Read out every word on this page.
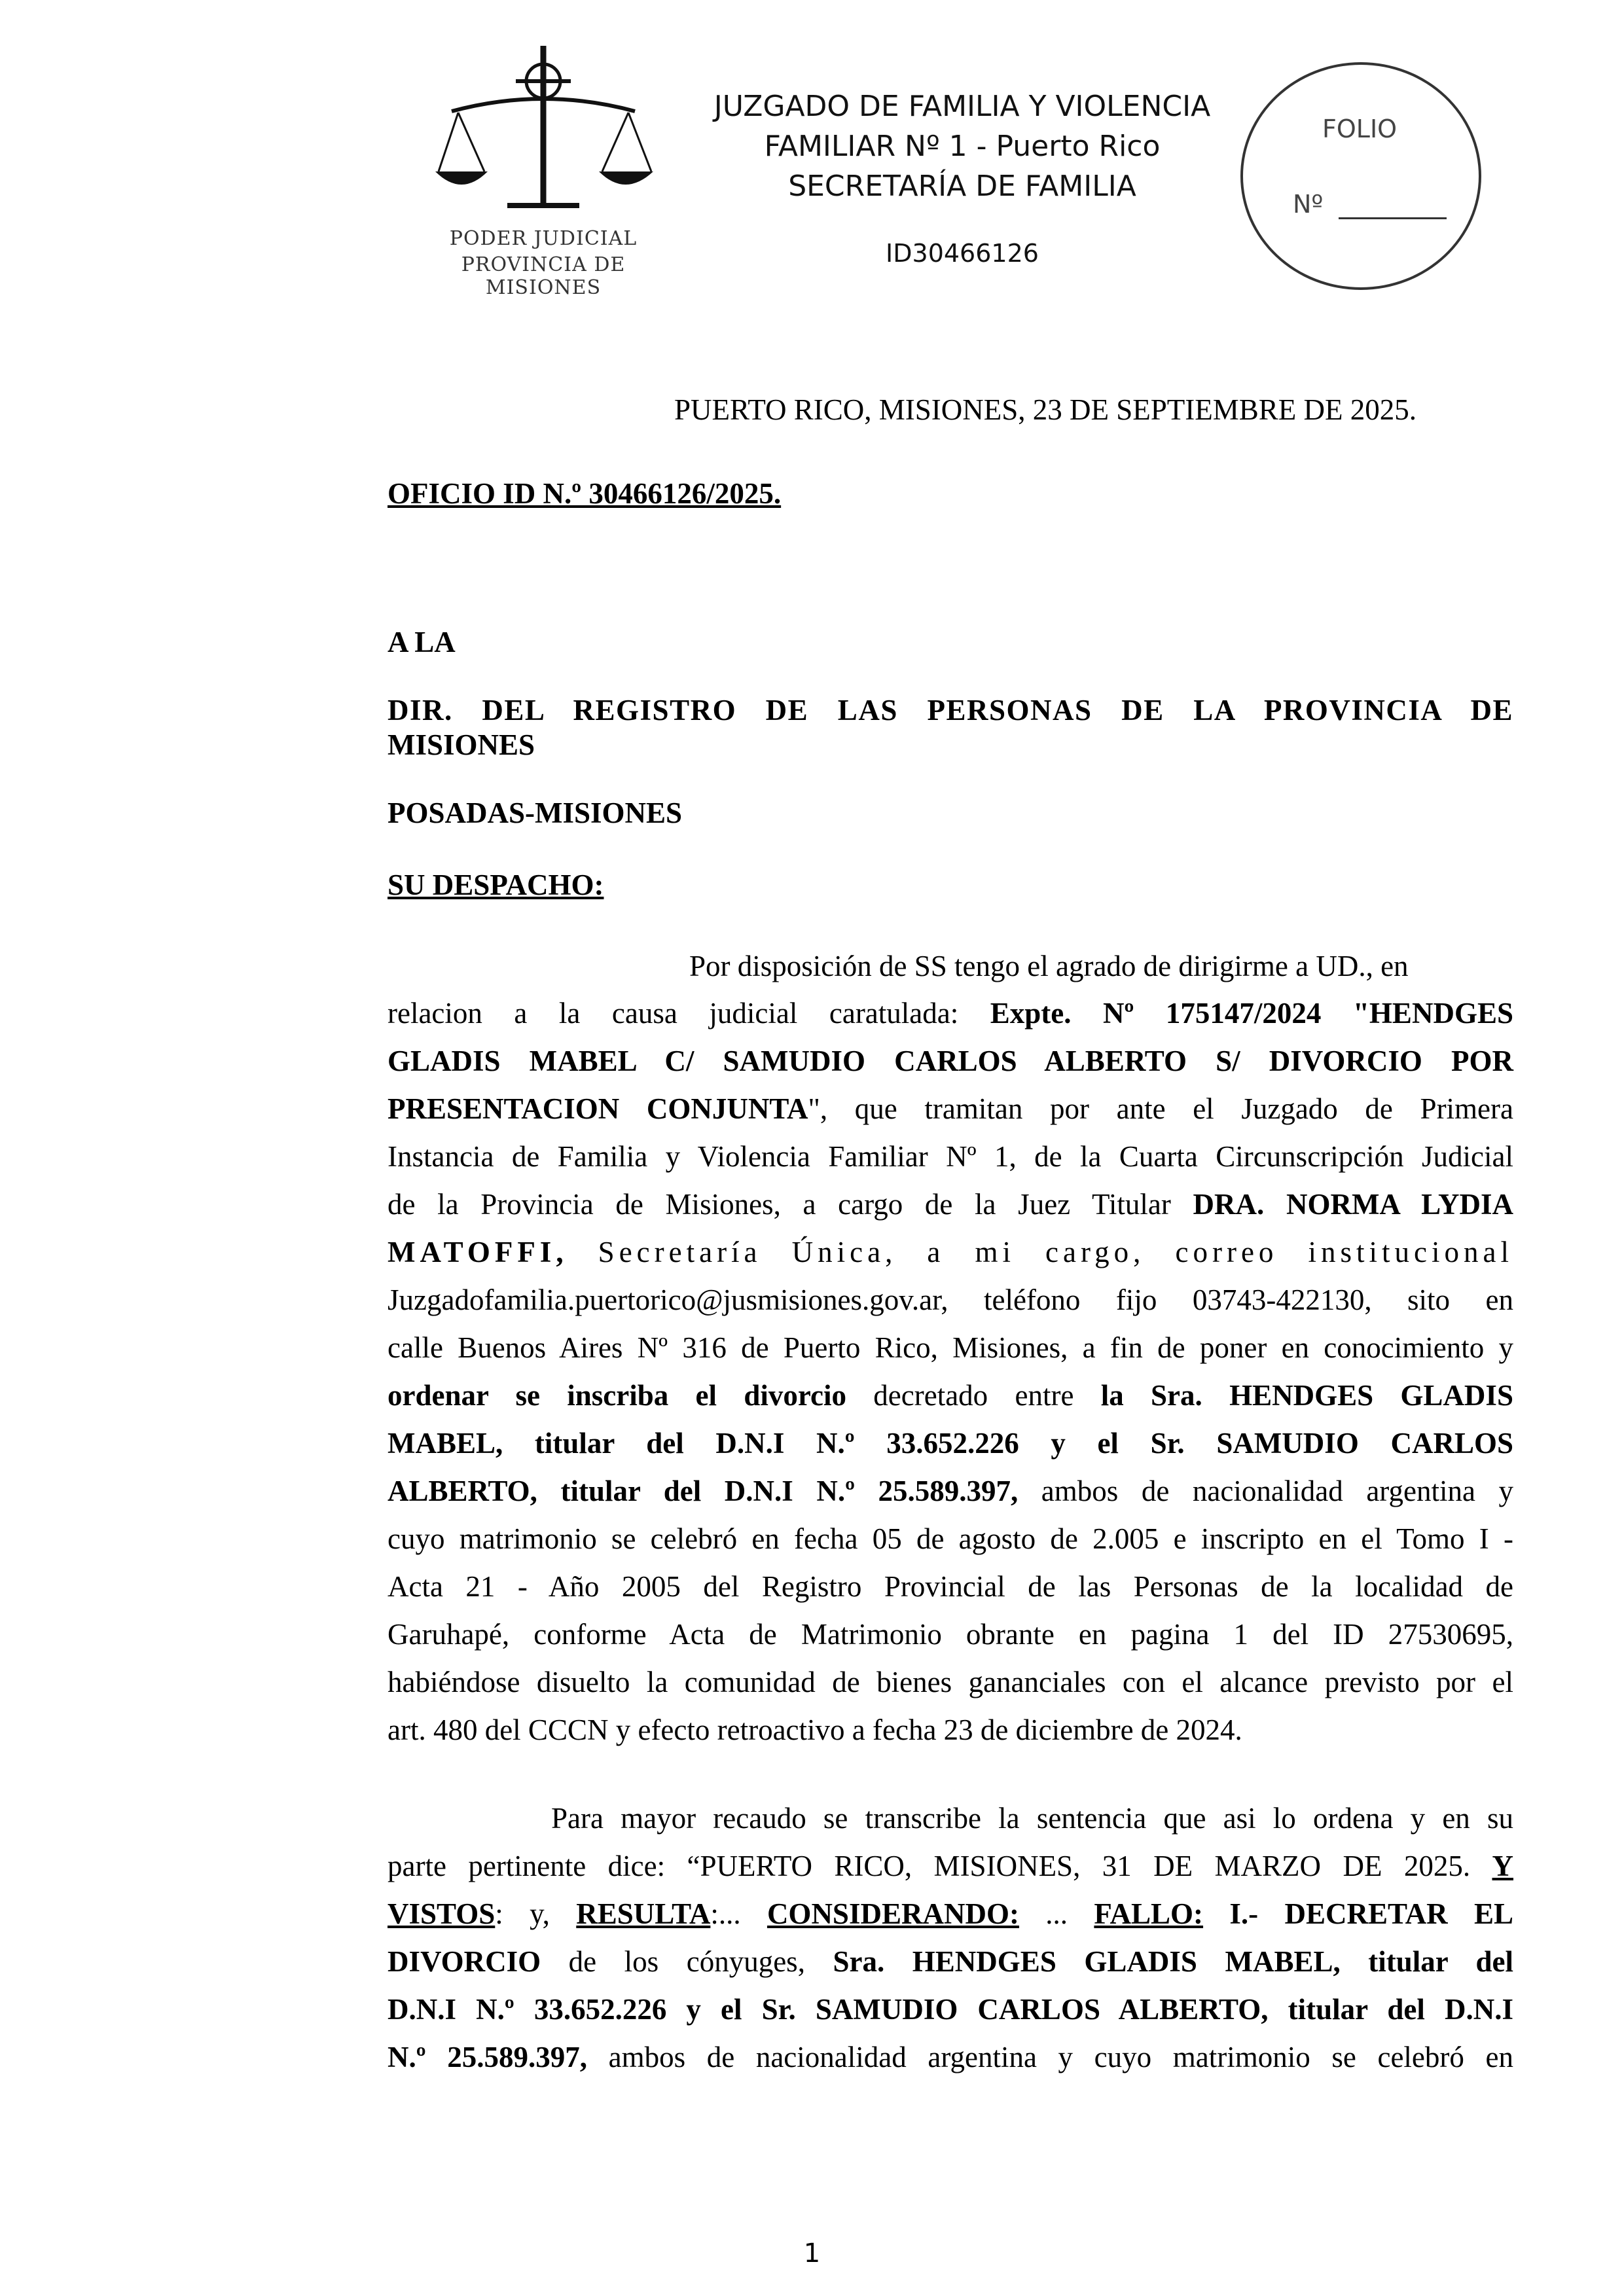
PODER JUDICIAL
PROVINCIA DE MISIONES
JUZGADO DE FAMILIA Y VIOLENCIA
FAMILIAR Nº 1 - Puerto Rico
SECRETARÍA DE FAMILIA
ID30466126
FOLIO
Nº
PUERTO RICO, MISIONES, 23 DE SEPTIEMBRE DE 2025.
OFICIO ID N.º 30466126/2025.
A LA
DIR. DEL REGISTRO DE LAS PERSONAS DE LA PROVINCIA DE
MISIONES
POSADAS-MISIONES
SU DESPACHO:
Por disposición de SS tengo el agrado de dirigirme a UD., en
relacion a la causa judicial caratulada: Expte. Nº 175147/2024 "HENDGES
GLADIS MABEL C/ SAMUDIO CARLOS ALBERTO S/ DIVORCIO POR
PRESENTACION CONJUNTA", que tramitan por ante el Juzgado de Primera
Instancia de Familia y Violencia Familiar Nº 1, de la Cuarta Circunscripción Judicial
de la Provincia de Misiones, a cargo de la Juez Titular DRA. NORMA LYDIA
MATOFFI, Secretaría Única, a mi cargo, correo institucional
Juzgadofamilia.puertorico@jusmisiones.gov.ar, teléfono fijo 03743-422130, sito en
calle Buenos Aires Nº 316 de Puerto Rico, Misiones, a fin de poner en conocimiento y
ordenar se inscriba el divorcio decretado entre la Sra. HENDGES GLADIS
MABEL, titular del D.N.I N.º 33.652.226 y el Sr. SAMUDIO CARLOS
ALBERTO, titular del D.N.I N.º 25.589.397, ambos de nacionalidad argentina y
cuyo matrimonio se celebró en fecha 05 de agosto de 2.005 e inscripto en el Tomo I -
Acta 21 - Año 2005 del Registro Provincial de las Personas de la localidad de
Garuhapé, conforme Acta de Matrimonio obrante en pagina 1 del ID 27530695,
habiéndose disuelto la comunidad de bienes gananciales con el alcance previsto por el
art. 480 del CCCN y efecto retroactivo a fecha 23 de diciembre de 2024.
Para mayor recaudo se transcribe la sentencia que asi lo ordena y en su
parte pertinente dice: “PUERTO RICO, MISIONES, 31 DE MARZO DE 2025. Y
VISTOS: y, RESULTA:... CONSIDERANDO: ... FALLO: I.- DECRETAR EL
DIVORCIO de los cónyuges, Sra. HENDGES GLADIS MABEL, titular del
D.N.I N.º 33.652.226 y el Sr. SAMUDIO CARLOS ALBERTO, titular del D.N.I
N.º 25.589.397, ambos de nacionalidad argentina y cuyo matrimonio se celebró en
1
